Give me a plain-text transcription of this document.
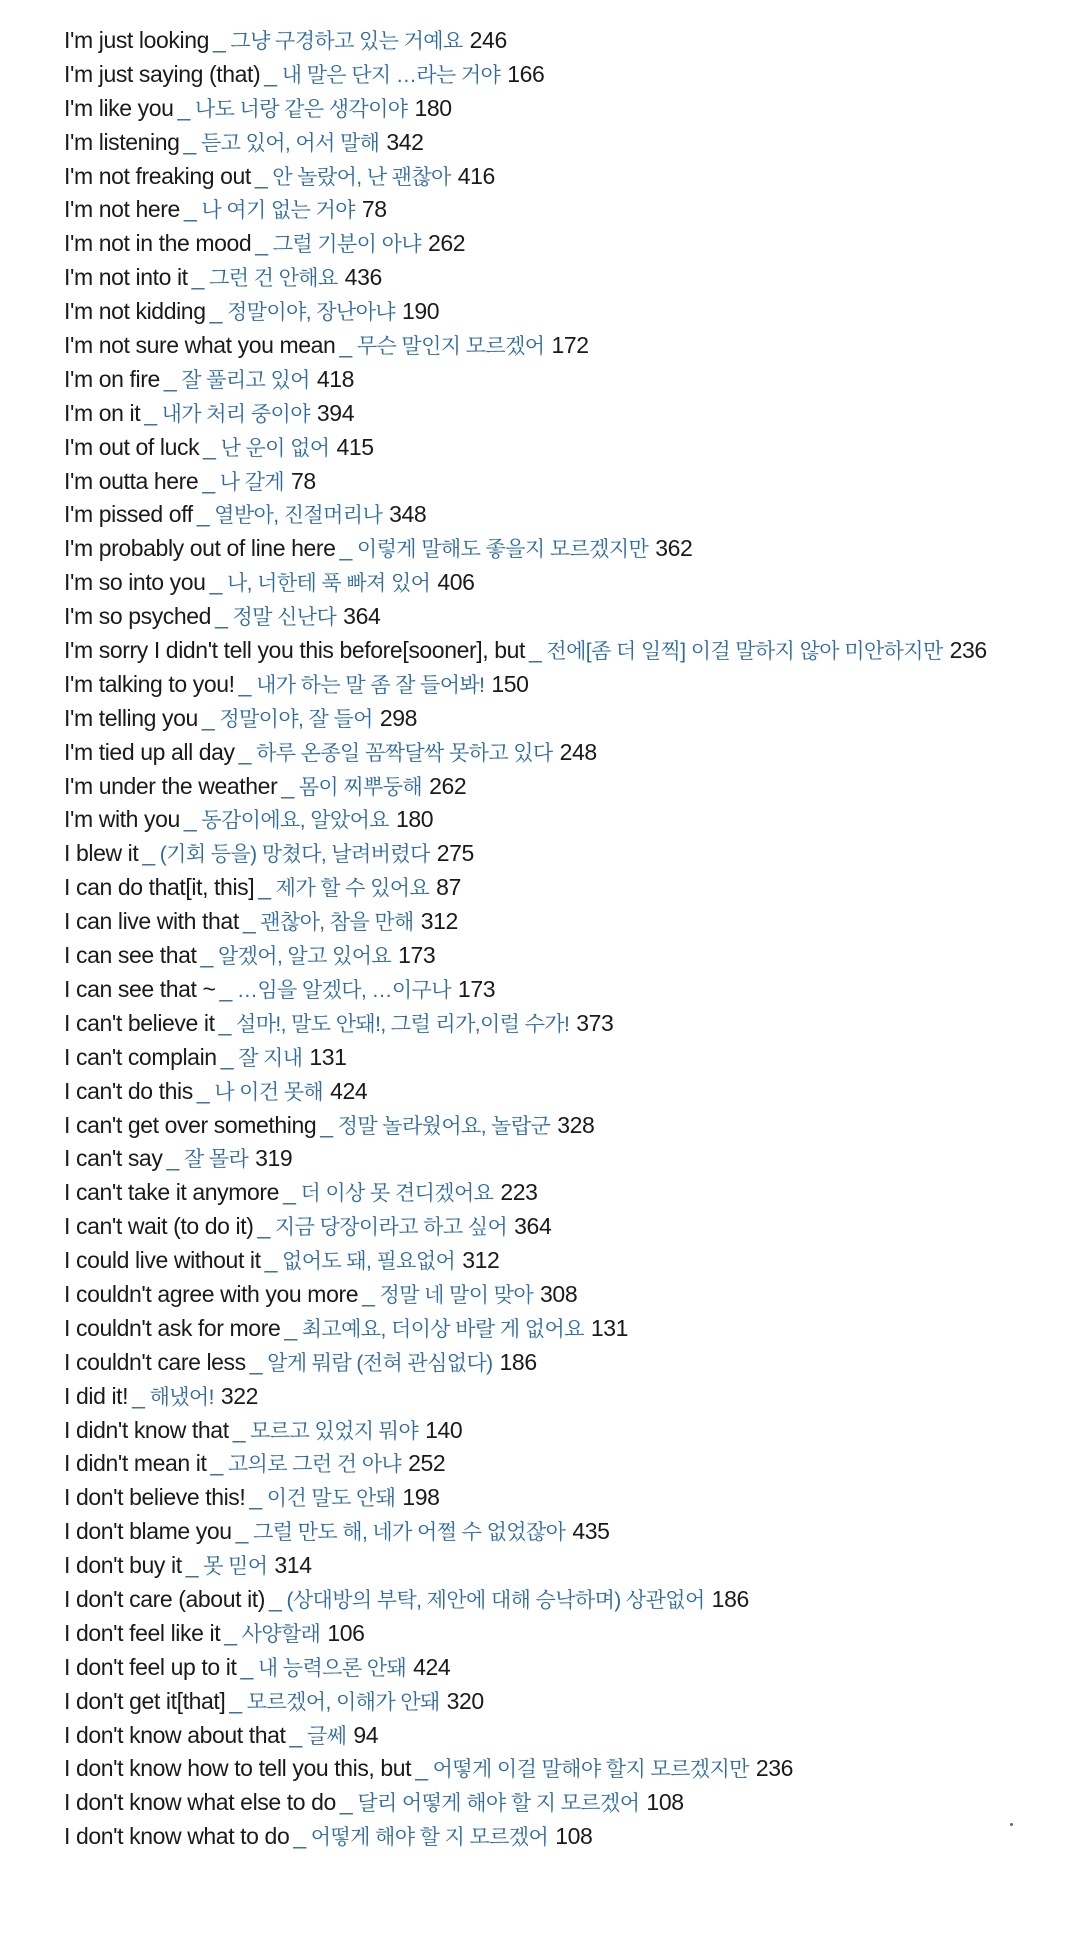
I'm just looking _ 그냥 구경하고 있는 거예요 246
I'm just saying (that) _ 내 말은 단지 …라는 거야 166
I'm like you _ 나도 너랑 같은 생각이야 180
I'm listening _ 듣고 있어, 어서 말해 342
I'm not freaking out _ 안 놀랐어, 난 괜찮아 416
I'm not here _ 나 여기 없는 거야 78
I'm not in the mood _ 그럴 기분이 아냐 262
I'm not into it _ 그런 건 안해요 436
I'm not kidding _ 정말이야, 장난아냐 190
I'm not sure what you mean _ 무슨 말인지 모르겠어 172
I'm on fire _ 잘 풀리고 있어 418
I'm on it _ 내가 처리 중이야 394
I'm out of luck _ 난 운이 없어 415
I'm outta here _ 나 갈게 78
I'm pissed off _ 열받아, 진절머리나 348
I'm probably out of line here _ 이렇게 말해도 좋을지 모르겠지만 362
I'm so into you _ 나, 너한테 푹 빠져 있어 406
I'm so psyched _ 정말 신난다 364
I'm sorry I didn't tell you this before[sooner], but _ 전에[좀 더 일찍] 이걸 말하지 않아 미안하지만 236
I'm talking to you! _ 내가 하는 말 좀 잘 들어봐! 150
I'm telling you _ 정말이야, 잘 들어 298
I'm tied up all day _ 하루 온종일 꼼짝달싹 못하고 있다 248
I'm under the weather _ 몸이 찌뿌둥해 262
I'm with you _ 동감이에요, 알았어요 180
I blew it _ (기회 등을) 망쳤다, 날려버렸다 275
I can do that[it, this] _ 제가 할 수 있어요 87
I can live with that _ 괜찮아, 참을 만해 312
I can see that _ 알겠어, 알고 있어요 173
I can see that ~ _ …임을 알겠다, …이구나 173
I can't believe it _ 설마!, 말도 안돼!, 그럴 리가,이럴 수가! 373
I can't complain _ 잘 지내 131
I can't do this _ 나 이건 못해 424
I can't get over something _ 정말 놀라웠어요, 놀랍군 328
I can't say _ 잘 몰라 319
I can't take it anymore _ 더 이상 못 견디겠어요 223
I can't wait (to do it) _ 지금 당장이라고 하고 싶어 364
I could live without it _ 없어도 돼, 필요없어 312
I couldn't agree with you more _ 정말 네 말이 맞아 308
I couldn't ask for more _ 최고예요, 더이상 바랄 게 없어요 131
I couldn't care less _ 알게 뭐람 (전혀 관심없다) 186
I did it! _ 해냈어! 322
I didn't know that _ 모르고 있었지 뭐야 140
I didn't mean it _ 고의로 그런 건 아냐 252
I don't believe this! _ 이건 말도 안돼 198
I don't blame you _ 그럴 만도 해, 네가 어쩔 수 없었잖아 435
I don't buy it _ 못 믿어 314
I don't care (about it) _ (상대방의 부탁, 제안에 대해 승낙하며) 상관없어 186
I don't feel like it _ 사양할래 106
I don't feel up to it _ 내 능력으론 안돼 424
I don't get it[that] _ 모르겠어, 이해가 안돼 320
I don't know about that _ 글쎄 94
I don't know how to tell you this, but _ 어떻게 이걸 말해야 할지 모르겠지만 236
I don't know what else to do _ 달리 어떻게 해야 할 지 모르겠어 108
I don't know what to do _ 어떻게 해야 할 지 모르겠어 108
